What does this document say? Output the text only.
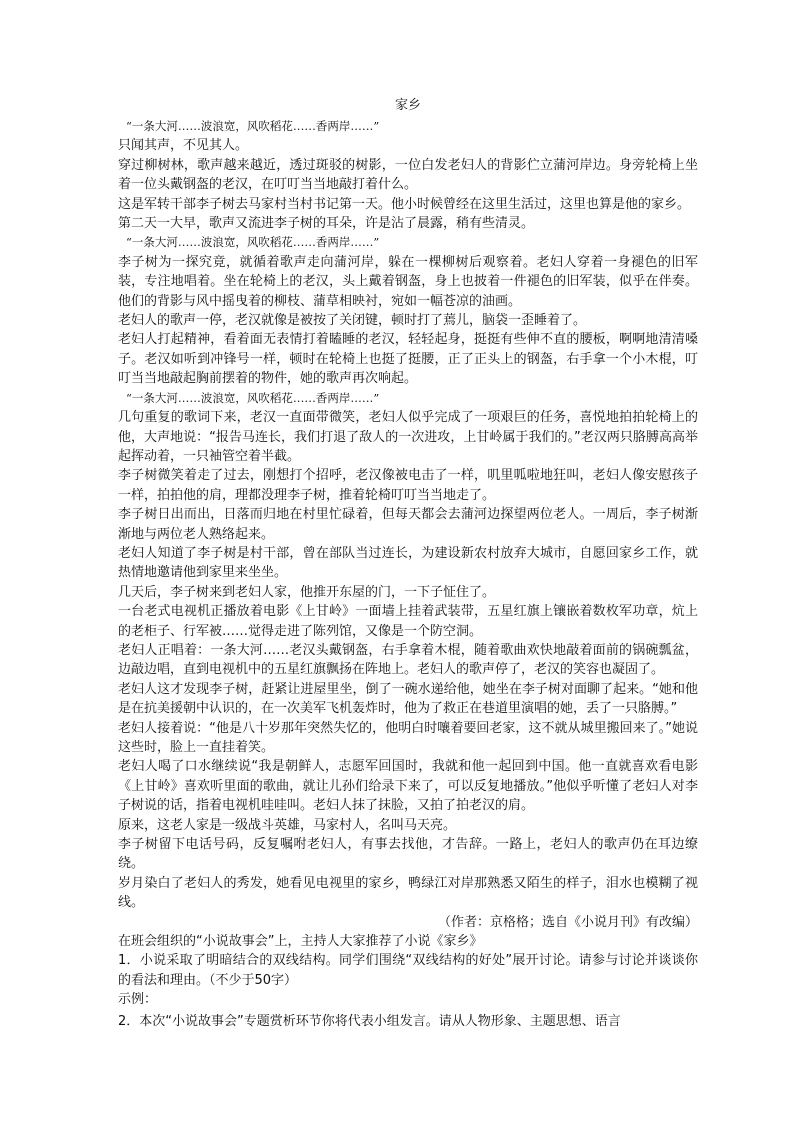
家乡

“一条大河……波浪宽，风吹稻花……香两岸……”

只闻其声，不见其人。

穿过柳树林，歌声越来越近，透过斑驳的树影，一位白发老妇人的背影伫立蒲河岸边。身旁轮椅上坐着一位头戴钢盔的老汉，在叮叮当当地敲打着什么。

这是军转干部李子树去马家村当村书记第一天。他小时候曾经在这里生活过，这里也算是他的家乡。

第二天一大早，歌声又流进李子树的耳朵，许是沾了晨露，稍有些清灵。

“一条大河……波浪宽，风吹稻花……香两岸……”

李子树为一探究竟，就循着歌声走向蒲河岸，躲在一棵柳树后观察着。老妇人穿着一身褪色的旧军装，专注地唱着。坐在轮椅上的老汉，头上戴着钢盔，身上也披着一件褪色的旧军装，似乎在伴奏。他们的背影与风中摇曳着的柳枝、蒲草相映衬，宛如一幅苍凉的油画。

老妇人的歌声一停，老汉就像是被按了关闭键，顿时打了蔫儿，脑袋一歪睡着了。

老妇人打起精神，看着面无表情打着瞌睡的老汉，轻轻起身，挺挺有些伸不直的腰板，啊啊地清清嗓子。老汉如听到冲锋号一样，顿时在轮椅上也挺了挺腰，正了正头上的钢盔，右手拿一个小木棍，叮叮当当地敲起胸前摆着的物件，她的歌声再次响起。

“一条大河……波浪宽，风吹稻花……香两岸……”

几句重复的歌词下来，老汉一直面带微笑，老妇人似乎完成了一项艰巨的任务，喜悦地拍拍轮椅上的他，大声地说：“报告马连长，我们打退了敌人的一次进攻，上甘岭属于我们的。”老汉两只胳膊高高举起挥动着，一只袖管空着半截。

李子树微笑着走了过去，刚想打个招呼，老汉像被电击了一样，叽里呱啦地狂叫，老妇人像安慰孩子一样，拍拍他的肩，理都没理李子树，推着轮椅叮叮当当地走了。

李子树日出而出，日落而归地在村里忙碌着，但每天都会去蒲河边探望两位老人。一周后，李子树渐渐地与两位老人熟络起来。

老妇人知道了李子树是村干部，曾在部队当过连长，为建设新农村放弃大城市，自愿回家乡工作，就热情地邀请他到家里来坐坐。

几天后，李子树来到老妇人家，他推开东屋的门，一下子怔住了。

一台老式电视机正播放着电影《上甘岭》一面墙上挂着武装带，五星红旗上镶嵌着数枚军功章，炕上的老柜子、行军被……觉得走进了陈列馆，又像是一个防空洞。

老妇人正唱着：一条大河……老汉头戴钢盔，右手拿着木棍，随着歌曲欢快地敲着面前的锅碗瓢盆，边敲边唱，直到电视机中的五星红旗飘扬在阵地上。老妇人的歌声停了，老汉的笑容也凝固了。

老妇人这才发现李子树，赶紧让进屋里坐，倒了一碗水递给他，她坐在李子树对面聊了起来。“她和他是在抗美援朝中认识的，在一次美军飞机轰炸时，他为了救正在巷道里演唱的她，丢了一只胳膊。”

老妇人接着说：“他是八十岁那年突然失忆的，他明白时嚷着要回老家，这不就从城里搬回来了。”她说这些时，脸上一直挂着笑。

老妇人喝了口水继续说“我是朝鲜人，志愿军回国时，我就和他一起回到中国。他一直就喜欢看电影《上甘岭》喜欢听里面的歌曲，就让儿孙们给录下来了，可以反复地播放。”他似乎听懂了老妇人对李子树说的话，指着电视机哇哇叫。老妇人抹了抹脸，又拍了拍老汉的肩。

原来，这老人家是一级战斗英雄，马家村人，名叫马天亮。

李子树留下电话号码，反复嘱咐老妇人，有事去找他，才告辞。一路上，老妇人的歌声仍在耳边缭绕。

岁月染白了老妇人的秀发，她看见电视里的家乡，鸭绿江对岸那熟悉又陌生的样子，泪水也模糊了视线。

（作者：京格格；选自《小说月刊》有改编）

在班会组织的“小说故事会”上，主持人大家推荐了小说《家乡》

1．小说采取了明暗结合的双线结构。同学们围绕“双线结构的好处”展开讨论。请参与讨论并谈谈你的看法和理由。（不少于50字）

示例：

2．本次“小说故事会”专题赏析环节你将代表小组发言。请从人物形象、主题思想、语言
